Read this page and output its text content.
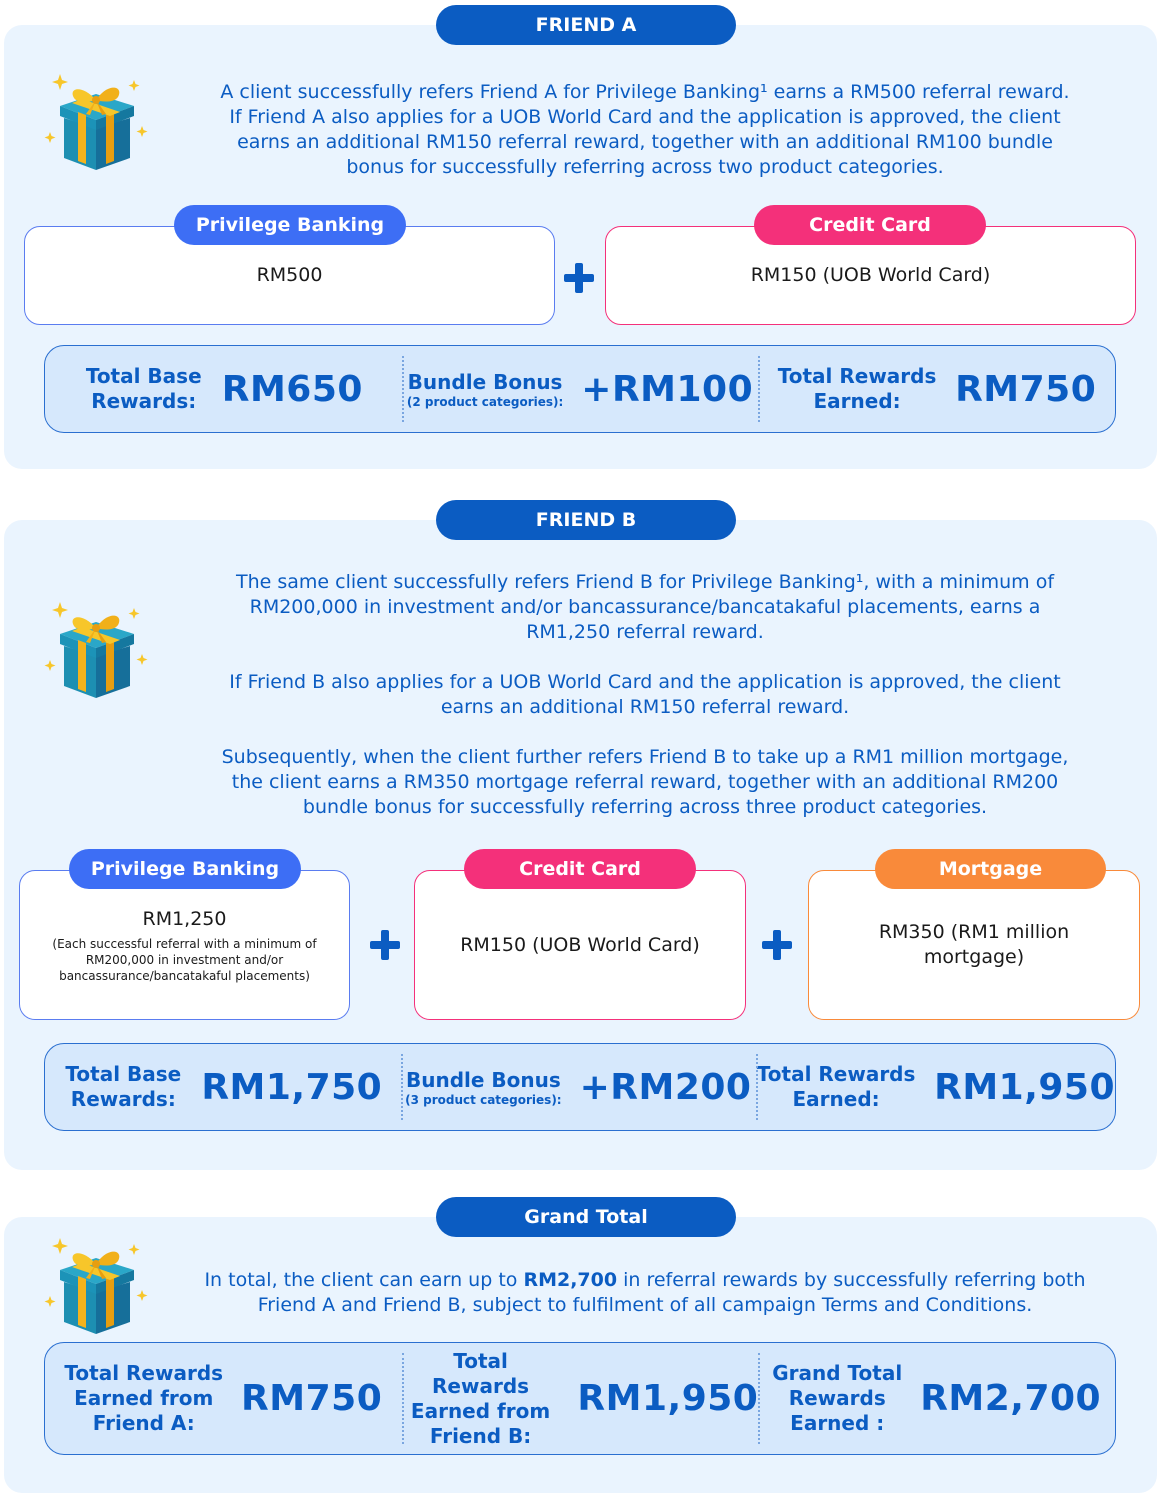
FRIEND A

A client successfully refers Friend A for Privilege Banking¹ earns a RM500 referral reward.

If Friend A also applies for a UOB World Card and the application is approved, the client

earns an additional RM150 referral reward, together with an additional RM100 bundle

bonus for successfully referring across two product categories.

RM500
Privilege Banking
RM150 (UOB World Card)
Credit Card
Total Base
Rewards: RM650 Bundle Bonus
(2 product categories): +RM100 Total Rewards
Earned:	RM750
FRIEND B

The same client successfully refers Friend B for Privilege Banking¹, with a minimum of

RM200,000 in investment and/or bancassurance/bancatakaful placements, earns a

RM1,250 referral reward.

If Friend B also applies for a UOB World Card and the application is approved, the client

earns an additional RM150 referral reward.

Subsequently, when the client further refers Friend B to take up a RM1 million mortgage,

the client earns a RM350 mortgage referral reward, together with an additional RM200

bundle bonus for successfully referring across three product categories.

RM1,250
(Each successful referral with a minimum of
RM200,000 in investment and/or
bancassurance/bancatakaful placements)
Privilege Banking
RM150 (UOB World Card)
Credit Card
RM350 (RM1 million
mortgage)
Mortgage
Total Base
Rewards: RM1,750 Bundle Bonus
(3 product categories): +RM200 Total Rewards
Earned:	RM1,950
Grand Total

In total, the client can earn up to RM2,700 in referral rewards by successfully referring both

Friend A and Friend B, subject to fulfilment of all campaign Terms and Conditions.

Total Rewards
Earned from
Friend A:
RM750
Total Rewards
Earned from
Friend B:
RM1,950
Grand Total
Rewards
Earned :
RM2,700
